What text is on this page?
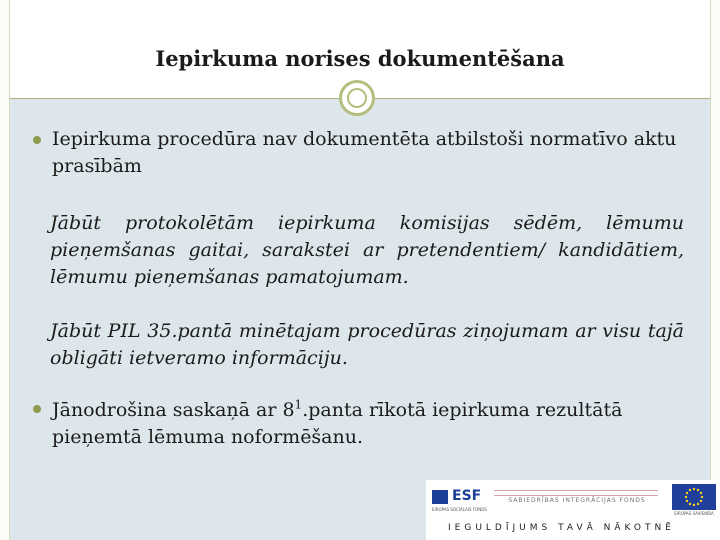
Iepirkuma norises dokumentēšana
Iepirkuma procedūra nav dokumentēta atbilstoši normatīvo aktu prasībām
Jābūt protokolētām iepirkuma komisijas sēdēm, lēmumu pieņemšanas gaitai, sarakstei ar pretendentiem/ kandidātiem, lēmumu pieņemšanas pamatojumam.
Jābūt PIL 35.pantā minētajam procedūras ziņojumam ar visu tajā obligāti ietveramo informāciju.
Jānodrošina saskaņā ar $8^1.panta$ rīkotā iepirkuma rezultātā pieņemtā lēmuma noformēšanu.
ESF
EIROPAS SOCIĀLAIS FONDS
SABIEDRĪBAS INTEGRĀCIJAS FONDS
EIROPAS SAVIENĪBA
IEGULDĪJUMS TAVĀ NĀKOTNĒ
